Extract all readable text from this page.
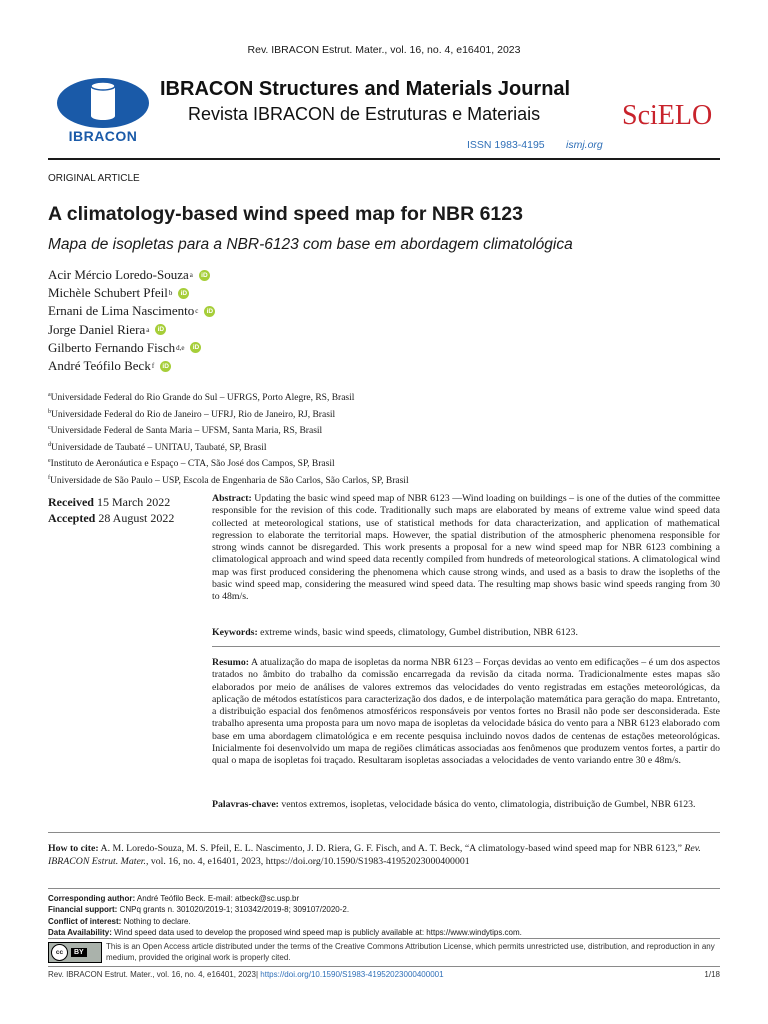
Rev. IBRACON Estrut. Mater., vol. 16, no. 4, e16401, 2023
IBRACON
IBRACON Structures and Materials Journal
Revista IBRACON de Estruturas e Materiais
ISSN 1983-4195 ismj.org
SciELO
ORIGINAL ARTICLE
A climatology-based wind speed map for NBR 6123
Mapa de isopletas para a NBR-6123 com base em abordagem climatológica
Acir Mércio Loredo-Souza a	iD
Michèle Schubert Pfeil b	iD
Ernani de Lima Nascimento c	iD
Jorge Daniel Riera a	iD
Gilberto Fernando Fisch d,e	iD
André Teófilo Beck f	iD
$^a$Universidade Federal do Rio Grande do Sul – UFRGS, Porto Alegre, RS, Brasil
$^b$Universidade Federal do Rio de Janeiro – UFRJ, Rio de Janeiro, RJ, Brasil
$^c$Universidade Federal de Santa Maria – UFSM, Santa Maria, RS, Brasil
$^d$Universidade de Taubaté – UNITAU, Taubaté, SP, Brasil
$^e$Instituto de Aeronáutica e Espaço – CTA, São José dos Campos, SP, Brasil
$^f$Universidade de São Paulo – USP, Escola de Engenharia de São Carlos, São Carlos, SP, Brasil
Received 15 March 2022
Accepted 28 August 2022
Abstract: Updating the basic wind speed map of NBR 6123 —Wind loading on buildings – is one of the duties of the committee responsible for the revision of this code. Traditionally such maps are elaborated by means of extreme value wind speed data collected at meteorological stations, use of statistical methods for data characterization, and application of mathematical regression to elaborate the territorial maps. However, the spatial distribution of the atmospheric phenomena responsible for strong winds cannot be disregarded. This work presents a proposal for a new wind speed map for NBR 6123 combining a climatological approach and wind speed data recently compiled from hundreds of meteorological stations. A climatological wind map was first produced considering the phenomena which cause strong winds, and used as a basis to draw the isopleths of the basic wind speed map, considering the measured wind speed data. The resulting map shows basic wind speeds ranging from 30 to 48m/s.
Keywords: extreme winds, basic wind speeds, climatology, Gumbel distribution, NBR 6123.
Resumo: A atualização do mapa de isopletas da norma NBR 6123 – Forças devidas ao vento em edificações – é um dos aspectos tratados no âmbito do trabalho da comissão encarregada da revisão da citada norma. Tradicionalmente estes mapas são elaborados por meio de análises de valores extremos das velocidades do vento registradas em estações meteorológicas, da aplicação de métodos estatísticos para caracterização dos dados, e de interpolação matemática para geração do mapa. Entretanto, a distribuição espacial dos fenômenos atmosféricos responsáveis por ventos fortes no Brasil não pode ser desconsiderada. Este trabalho apresenta uma proposta para um novo mapa de isopletas da velocidade básica do vento para a NBR 6123 elaborado com base em uma abordagem climatológica e em recente pesquisa incluindo novos dados de centenas de estações meteorológicas. Inicialmente foi desenvolvido um mapa de regiões climáticas associadas aos fenômenos que produzem ventos fortes, a partir do qual o mapa de isopletas foi traçado. Resultaram isopletas associadas a velocidades de vento variando entre 30 e 48m/s.
Palavras-chave: ventos extremos, isopletas, velocidade básica do vento, climatologia, distribuição de Gumbel, NBR 6123.
How to cite: A. M. Loredo-Souza, M. S. Pfeil, E. L. Nascimento, J. D. Riera, G. F. Fisch, and A. T. Beck, “A climatology-based wind speed map for NBR 6123,” Rev. IBRACON Estrut. Mater., vol. 16, no. 4, e16401, 2023, https://doi.org/10.1590/S1983-41952023000400001
Corresponding author: André Teófilo Beck. E-mail: atbeck@sc.usp.br
Financial support: CNPq grants n. 301020/2019-1; 310342/2019-8; 309107/2020-2.
Conflict of interest: Nothing to declare.
Data Availability: Wind speed data used to develop the proposed wind speed map is publicly available at: https://www.windytips.com.
cc	BY
This is an Open Access article distributed under the terms of the Creative Commons Attribution License, which permits unrestricted use, distribution, and reproduction in any medium, provided the original work is properly cited.
Rev. IBRACON Estrut. Mater., vol. 16, no. 4, e16401, 2023| https://doi.org/10.1590/S1983-41952023000400001	1/18
